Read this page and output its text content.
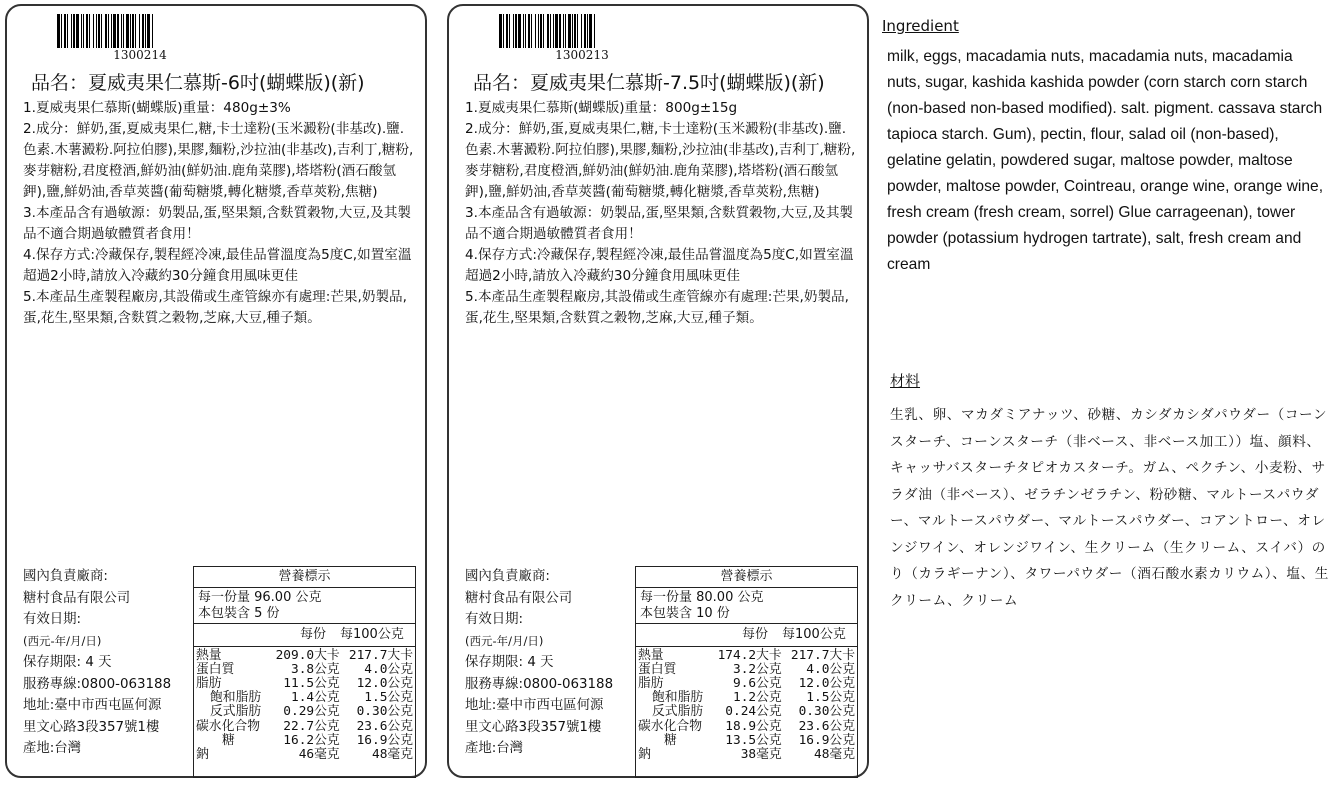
1300214
品名：夏威夷果仁慕斯-6吋(蝴蝶版)(新)

1.夏威夷果仁慕斯(蝴蝶版)重量：480g±3%

2.成分：鮮奶,蛋,夏威夷果仁,糖,卡士達粉(玉米澱粉(非基改).鹽.色素.木薯澱粉.阿拉伯膠),果膠,麵粉,沙拉油(非基改),吉利丁,糖粉,麥芽糖粉,君度橙酒,鮮奶油(鮮奶油.鹿角菜膠),塔塔粉(酒石酸氫鉀),鹽,鮮奶油,香草莢醬(葡萄糖漿,轉化糖漿,香草莢粉,焦糖)

3.本產品含有過敏源：奶製品,蛋,堅果類,含麩質穀物,大豆,及其製品不適合期過敏體質者食用！

4.保存方式:冷藏保存,製程經冷凍,最佳品嘗溫度為5度C,如置室溫超過2小時,請放入冷藏約30分鐘食用風味更佳

5.本產品生產製程廠房,其設備或生產管線亦有處理:芒果,奶製品,蛋,花生,堅果類,含麩質之穀物,芝麻,大豆,種子類。

國內負責廠商:
糖村食品有限公司
有效日期:
(西元-年/月/日)
保存期限: 4 天
服務專線:0800-063188
地址:臺中市西屯區何源
里文心路3段357號1樓
產地:台灣
營養標示
每一份量 96.00 公克
本包裝含 5 份
每份 每100公克
熱量	209.0大卡	217.7大卡
蛋白質	3.8公克	4.0公克
脂肪	11.5公克	12.0公克
飽和脂肪	1.4公克	1.5公克
反式脂肪	0.29公克	0.30公克
碳水化合物	22.7公克	23.6公克
糖	16.2公克	16.9公克
鈉	46毫克	48毫克
1300213
品名：夏威夷果仁慕斯-7.5吋(蝴蝶版)(新)

1.夏威夷果仁慕斯(蝴蝶版)重量：800g±15g

2.成分：鮮奶,蛋,夏威夷果仁,糖,卡士達粉(玉米澱粉(非基改).鹽.色素.木薯澱粉.阿拉伯膠),果膠,麵粉,沙拉油(非基改),吉利丁,糖粉,麥芽糖粉,君度橙酒,鮮奶油(鮮奶油.鹿角菜膠),塔塔粉(酒石酸氫鉀),鹽,鮮奶油,香草莢醬(葡萄糖漿,轉化糖漿,香草莢粉,焦糖)

3.本產品含有過敏源：奶製品,蛋,堅果類,含麩質穀物,大豆,及其製品不適合期過敏體質者食用！

4.保存方式:冷藏保存,製程經冷凍,最佳品嘗溫度為5度C,如置室溫超過2小時,請放入冷藏約30分鐘食用風味更佳

5.本產品生產製程廠房,其設備或生產管線亦有處理:芒果,奶製品,蛋,花生,堅果類,含麩質之穀物,芝麻,大豆,種子類。

國內負責廠商:
糖村食品有限公司
有效日期:
(西元-年/月/日)
保存期限: 4 天
服務專線:0800-063188
地址:臺中市西屯區何源
里文心路3段357號1樓
產地:台灣
營養標示
每一份量 80.00 公克
本包裝含 10 份
每份 每100公克
熱量	174.2大卡	217.7大卡
蛋白質	3.2公克	4.0公克
脂肪	9.6公克	12.0公克
飽和脂肪	1.2公克	1.5公克
反式脂肪	0.24公克	0.30公克
碳水化合物	18.9公克	23.6公克
糖	13.5公克	16.9公克
鈉	38毫克	48毫克
Ingredient
milk, eggs, macadamia nuts, macadamia nuts, macadamia nuts, sugar, kashida kashida powder (corn starch corn starch (non-based non-based modified). salt. pigment. cassava starch tapioca starch. Gum), pectin, flour, salad oil (non-based), gelatine gelatin, powdered sugar, maltose powder, maltose powder, maltose powder, Cointreau, orange wine, orange wine, fresh cream (fresh cream, sorrel) Glue carrageenan), tower powder (potassium hydrogen tartrate), salt, fresh cream and cream
材料
生乳、卵、マカダミアナッツ、砂糖、カシダカシダパウダー（コーンスターチ、コーンスターチ（非ベース、非ベース加工））塩、顔料、キャッサバスターチタピオカスターチ。ガム、ペクチン、小麦粉、サラダ油（非ベース）、ゼラチンゼラチン、粉砂糖、マルトースパウダー、マルトースパウダー、マルトースパウダー、コアントロー、オレンジワイン、オレンジワイン、生クリーム（生クリーム、スイバ）のり（カラギーナン）、タワーパウダー（酒石酸水素カリウム）、塩、生クリーム、クリーム
